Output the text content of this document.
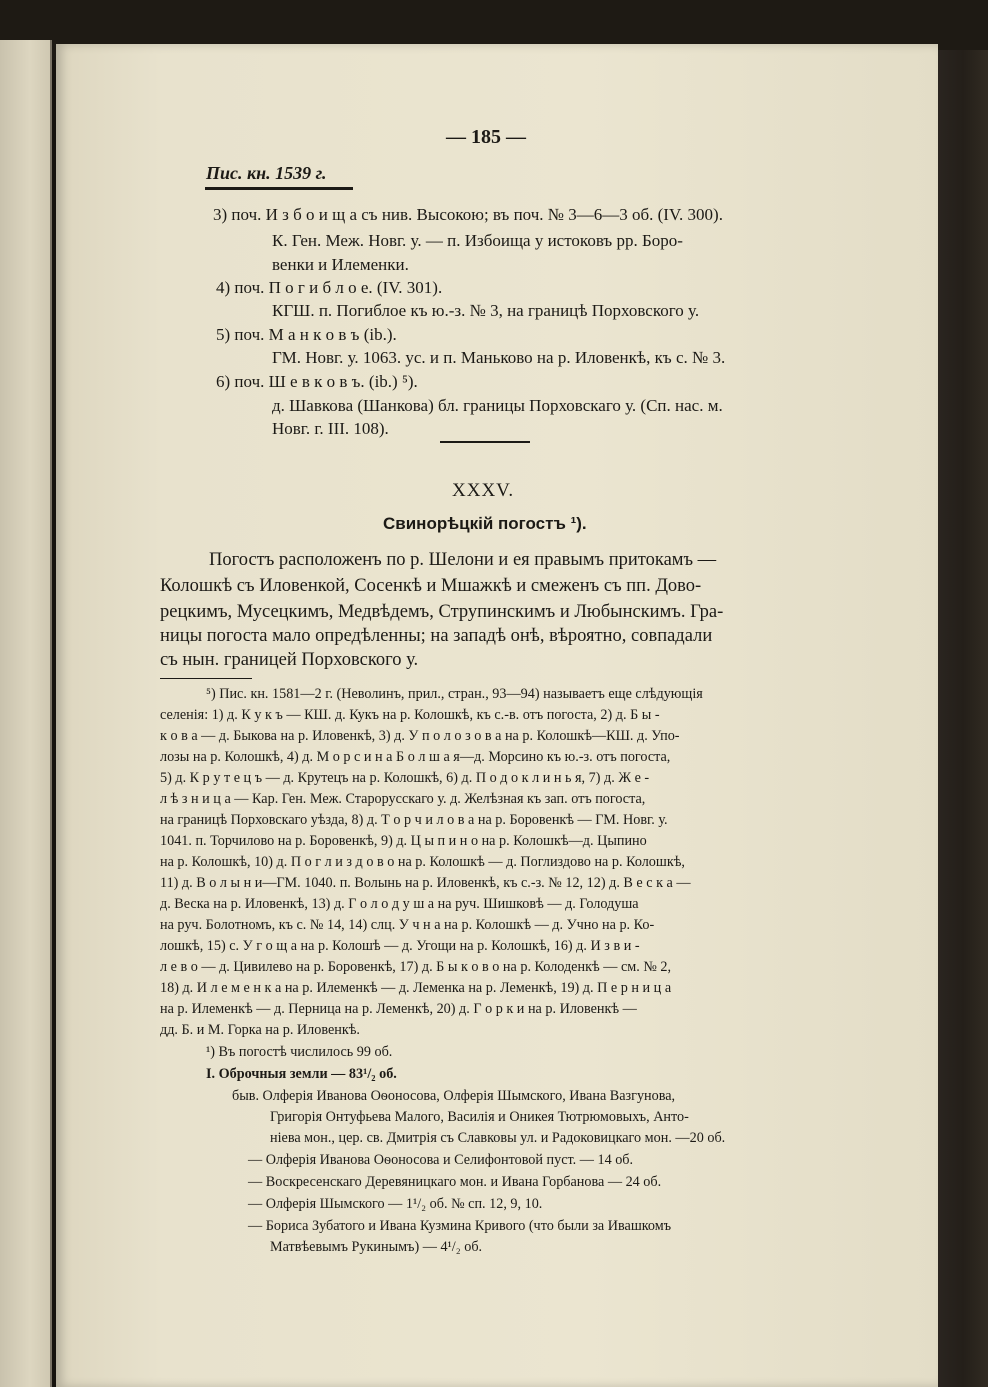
— 185 —
Пис. кн. 1539 г.
3) поч. И з б о и щ а съ нив. Высокою; въ поч. № 3—6—3 об. (IV. 300).
К. Ген. Меж. Новг. у. — п. Избоища у истоковъ рр. Боро-
венки и Илеменки.
4) поч. П о г и б л о е. (IV. 301).
КГШ. п. Погиблое къ ю.-з. № 3, на границѣ Порховского у.
5) поч. М а н к о в ъ (ib.).
ГМ. Новг. у. 1063. ус. и п. Маньково на р. Иловенкѣ, къ с. № 3.
6) поч. Ш е в к о в ъ. (ib.) ⁵).
д. Шавкова (Шанкова) бл. границы Порховскаго у. (Сп. нас. м.
Новг. г. III. 108).
XXXV.
Свинорѣцкій погостъ ¹).
Погостъ расположенъ по р. Шелони и ея правымъ притокамъ —
Колошкѣ съ Иловенкой, Сосенкѣ и Мшажкѣ и смеженъ съ пп. Дово-
рецкимъ, Мусецкимъ, Медвѣдемъ, Струпинскимъ и Любынскимъ. Гра-
ницы погоста мало опредѣленны; на западѣ онѣ, вѣроятно, совпадали
съ нын. границей Порховского у.
⁵) Пис. кн. 1581—2 г. (Неволинъ, прил., стран., 93—94) называетъ еще слѣдующія
селенія: 1) д. К у к ъ — КШ. д. Кукъ на р. Колошкѣ, къ с.-в. отъ погоста, 2) д. Б ы -
к о в а — д. Быкова на р. Иловенкѣ, 3) д. У п о л о з о в а на р. Колошкѣ—КШ. д. Упо-
лозы на р. Колошкѣ, 4) д. М о р с и н а Б о л ш а я—д. Морсино къ ю.-з. отъ погоста,
5) д. К р у т е ц ъ — д. Крутецъ на р. Колошкѣ, 6) д. П о д о к л и н ь я, 7) д. Ж е -
л ѣ з н и ц а — Кар. Ген. Меж. Старорусскаго у. д. Желѣзная къ зап. отъ погоста,
на границѣ Порховскаго уѣзда, 8) д. Т о р ч и л о в а на р. Боровенкѣ — ГМ. Новг. у.
1041. п. Торчилово на р. Боровенкѣ, 9) д. Ц ы п и н о на р. Колошкѣ—д. Цыпино
на р. Колошкѣ, 10) д. П о г л и з д о в о на р. Колошкѣ — д. Поглиздово на р. Колошкѣ,
11) д. В о л ы н и—ГМ. 1040. п. Волынь на р. Иловенкѣ, къ с.-з. № 12, 12) д. В е с к а —
д. Веска на р. Иловенкѣ, 13) д. Г о л о д у ш а на руч. Шишковѣ — д. Голодуша
на руч. Болотномъ, къ с. № 14, 14) слц. У ч н а на р. Колошкѣ — д. Учно на р. Ко-
лошкѣ, 15) с. У г о щ а на р. Колошѣ — д. Угощи на р. Колошкѣ, 16) д. И з в и -
л е в о — д. Цивилево на р. Боровенкѣ, 17) д. Б ы к о в о на р. Колоденкѣ — см. № 2,
18) д. И л е м е н к а на р. Илеменкѣ — д. Леменка на р. Леменкѣ, 19) д. П е р н и ц а
на р. Илеменкѣ — д. Перница на р. Леменкѣ, 20) д. Г о р к и на р. Иловенкѣ —
дд. Б. и М. Горка на р. Иловенкѣ.
¹) Въ погостѣ числилось 99 об.
I. Оброчныя земли — 83¹/₂ об.
быв. Олферія Иванова Оѳоносова, Олферія Шымского, Ивана Вазгунова,
Григорія Онтуфьева Малого, Василія и Оникея Тютрюмовыхъ, Анто-
ніева мон., цер. св. Дмитрія съ Славковы ул. и Радоковицкаго мон. —20 об.
— Олферія Иванова Оѳоносова и Селифонтовой пуст. — 14 об.
— Воскресенскаго Деревяницкаго мон. и Ивана Горбанова — 24 об.
— Олферія Шымского — 1¹/₂ об. № сп. 12, 9, 10.
— Бориса Зубатого и Ивана Кузмина Кривого (что были за Ивашкомъ
Матвѣевымъ Рукинымъ) — 4¹/₂ об.
